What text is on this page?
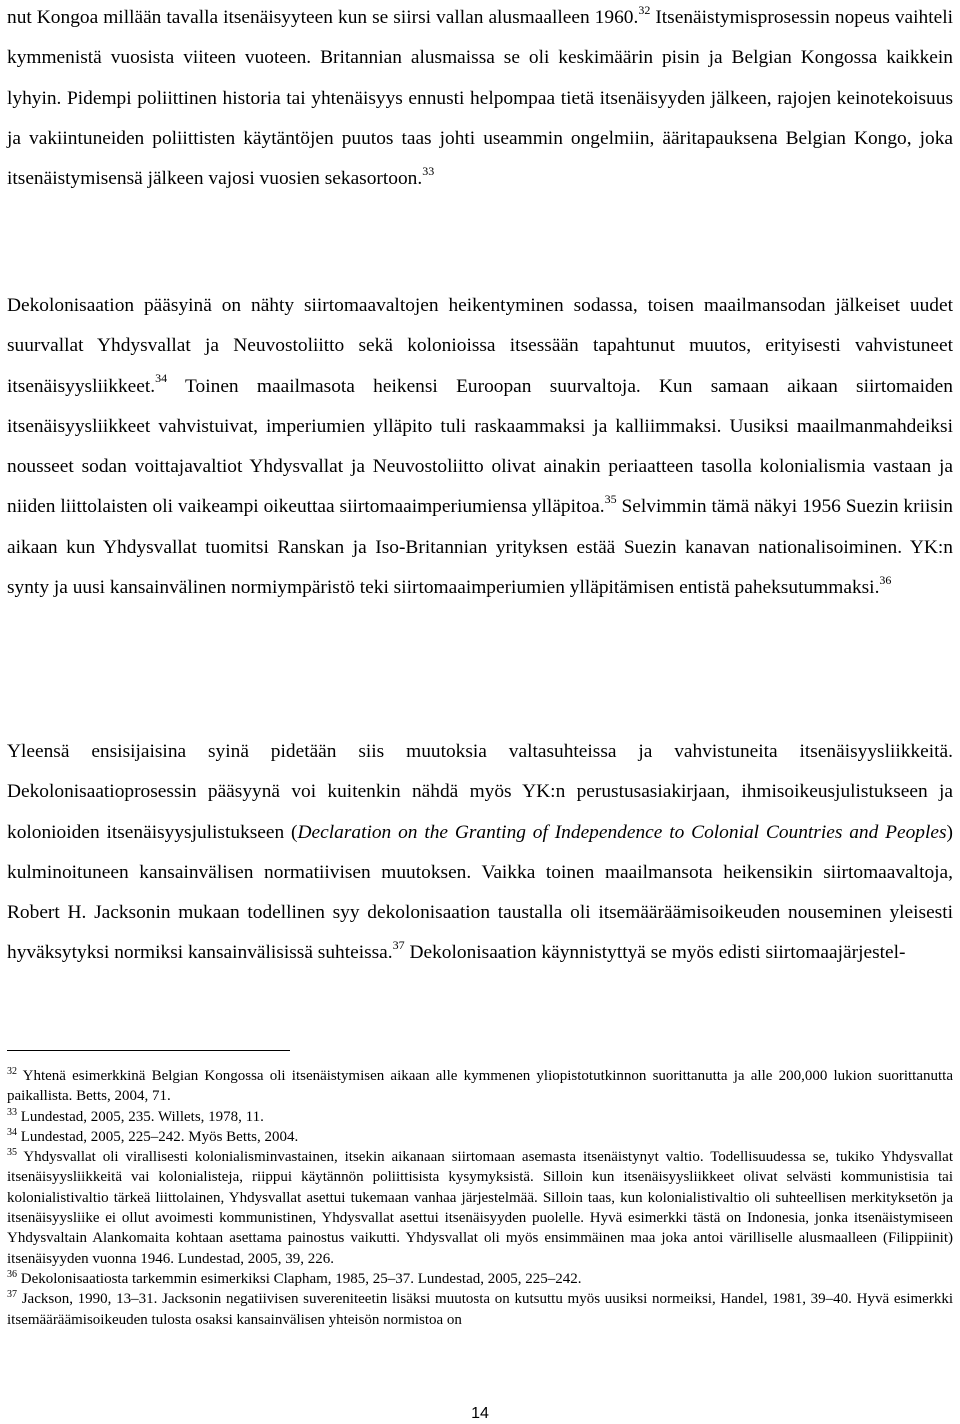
nut Kongoa millään tavalla itsenäisyyteen kun se siirsi vallan alusmaalleen 1960.32 Itsenäistymisprosessin nopeus vaihteli kymmenistä vuosista viiteen vuoteen. Britannian alusmaissa se oli keskimäärin pisin ja Belgian Kongossa kaikkein lyhyin. Pidempi poliittinen historia tai yhtenäisyys ennusti helpompaa tietä itsenäisyyden jälkeen, rajojen keinotekoisuus ja vakiintuneiden poliittisten käytäntöjen puutos taas johti useammin ongelmiin, ääritapauksena Belgian Kongo, joka itsenäistymisensä jälkeen vajosi vuosien sekasortoon.$^{33}$

Dekolonisaation pääsyinä on nähty siirtomaavaltojen heikentyminen sodassa, toisen maailmansodan jälkeiset uudet suurvallat Yhdysvallat ja Neuvostoliitto sekä kolonioissa itsessään tapahtunut muutos, erityisesti vahvistuneet itsenäisyysliikkeet.$^{34}$ Toinen maailmasota heikensi Euroopan suurvaltoja. Kun samaan aikaan siirtomaiden itsenäisyysliikkeet vahvistuivat, imperiumien ylläpito tuli raskaammaksi ja kalliimmaksi. Uusiksi maailmanmahdeiksi nousseet sodan voittajavaltiot Yhdysvallat ja Neuvostoliitto olivat ainakin periaatteen tasolla kolonialismia vastaan ja niiden liittolaisten oli vaikeampi oikeuttaa siirtomaaimperiumiensa ylläpitoa.$^{35}$ Selvimmin tämä näkyi 1956 Suezin kriisin aikaan kun Yhdysvallat tuomitsi Ranskan ja Iso-Britannian yrityksen estää Suezin kanavan nationalisoiminen. YK:n synty ja uusi kansainvälinen normiympäristö teki siirtomaaimperiumien ylläpitämisen entistä paheksutummaksi.$^{36}$

Yleensä ensisijaisina syinä pidetään siis muutoksia valtasuhteissa ja vahvistuneita itsenäisyysliikkeitä. Dekolonisaatioprosessin pääsyynä voi kuitenkin nähdä myös YK:n perustusasiakirjaan, ihmisoikeusjulistukseen ja kolonioiden itsenäisyysjulistukseen (Declaration on the Granting of Independence to Colonial Countries and Peoples) kulminoituneen kansainvälisen normatiivisen muutoksen. Vaikka toinen maailmansota heikensikin siirtomaavaltoja, Robert H. Jacksonin mukaan todellinen syy dekolonisaation taustalla oli itsemääräämisoikeuden nouseminen yleisesti hyväksytyksi normiksi kansainvälisissä suhteissa.$^{37}$ Dekolonisaation käynnistyttyä se myös edisti siirtomaajärjestel-

$^{32}$ Yhtenä esimerkkinä Belgian Kongossa oli itsenäistymisen aikaan alle kymmenen yliopistotutkinnon suorittanutta ja alle 200,000 lukion suorittanutta paikallista. Betts, 2004, 71.

$^{33}$ Lundestad, 2005, 235. Willets, 1978, 11.

$^{34}$ Lundestad, 2005, 225–242. Myös Betts, 2004.

$^{35}$ Yhdysvallat oli virallisesti kolonialisminvastainen, itsekin aikanaan siirtomaan asemasta itsenäistynyt valtio. Todellisuudessa se, tukiko Yhdysvallat itsenäisyysliikkeitä vai kolonialisteja, riippui käytännön poliittisista kysymyksistä. Silloin kun itsenäisyysliikkeet olivat selvästi kommunistisia tai kolonialistivaltio tärkeä liittolainen, Yhdysvallat asettui tukemaan vanhaa järjestelmää. Silloin taas, kun kolonialistivaltio oli suhteellisen merkityksetön ja itsenäisyysliike ei ollut avoimesti kommunistinen, Yhdysvallat asettui itsenäisyyden puolelle. Hyvä esimerkki tästä on Indonesia, jonka itsenäistymiseen Yhdysvaltain Alankomaita kohtaan asettama painostus vaikutti. Yhdysvallat oli myös ensimmäinen maa joka antoi värilliselle alusmaalleen (Filippiinit) itsenäisyyden vuonna 1946. Lundestad, 2005, 39, 226.

$^{36}$ Dekolonisaatiosta tarkemmin esimerkiksi Clapham, 1985, 25–37. Lundestad, 2005, 225–242.

$^{37}$ Jackson, 1990, 13–31. Jacksonin negatiivisen suvereniteetin lisäksi muutosta on kutsuttu myös uusiksi normeiksi, Handel, 1981, 39–40. Hyvä esimerkki itsemääräämisoikeuden tulosta osaksi kansainvälisen yhteisön normistoa on

14
